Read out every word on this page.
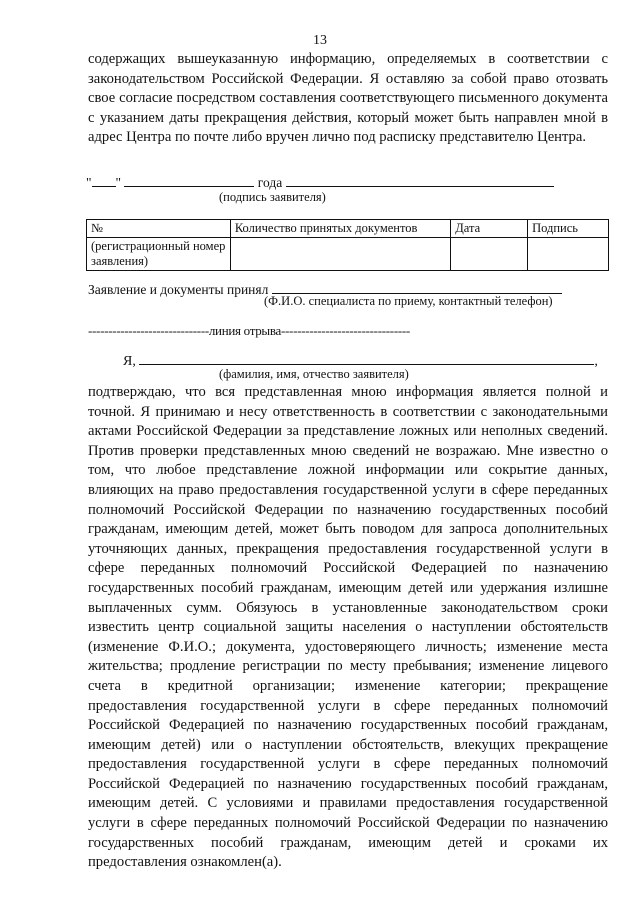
13

содержащих вышеуказанную информацию, определяемых в соответствии с законодательством Российской Федерации. Я оставляю за собой право отозвать свое согласие посредством составления соответствующего письменного документа с указанием даты прекращения действия, который может быть направлен мной в адрес Центра по почте либо вручен лично под расписку представителю Центра.

" "	года
(подпись заявителя)
№	Количество принятых документов	Дата	Подпись
(регистрационный номер заявления)			
Заявление и документы принял
(Ф.И.О. специалиста по приему, контактный телефон)
------------------------------линия отрыва--------------------------------
Я,	,
(фамилия, имя, отчество заявителя)

подтверждаю, что вся представленная мною информация является полной и точной. Я принимаю и несу ответственность в соответствии с законодательными актами Российской Федерации за представление ложных или неполных сведений. Против проверки представленных мною сведений не возражаю. Мне известно о том, что любое представление ложной информации или сокрытие данных, влияющих на право предоставления государственной услуги в сфере переданных полномочий Российской Федерации по назначению государственных пособий гражданам, имеющим детей, может быть поводом для запроса дополнительных уточняющих данных, прекращения предоставления государственной услуги в сфере переданных полномочий Российской Федерацией по назначению государственных пособий гражданам, имеющим детей или удержания излишне выплаченных сумм. Обязуюсь в установленные законодательством сроки известить центр социальной защиты населения о наступлении обстоятельств (изменение Ф.И.О.; документа, удостоверяющего личность; изменение места жительства; продление регистрации по месту пребывания; изменение лицевого счета в кредитной организации; изменение категории; прекращение предоставления государственной услуги в сфере переданных полномочий Российской Федерацией по назначению государственных пособий гражданам, имеющим детей) или о наступлении обстоятельств, влекущих прекращение предоставления государственной услуги в сфере переданных полномочий Российской Федерацией по назначению государственных пособий гражданам, имеющим детей. С условиями и правилами предоставления государственной услуги в сфере переданных полномочий Российской Федерации по назначению государственных пособий гражданам, имеющим детей и сроками их предоставления ознакомлен(а).
